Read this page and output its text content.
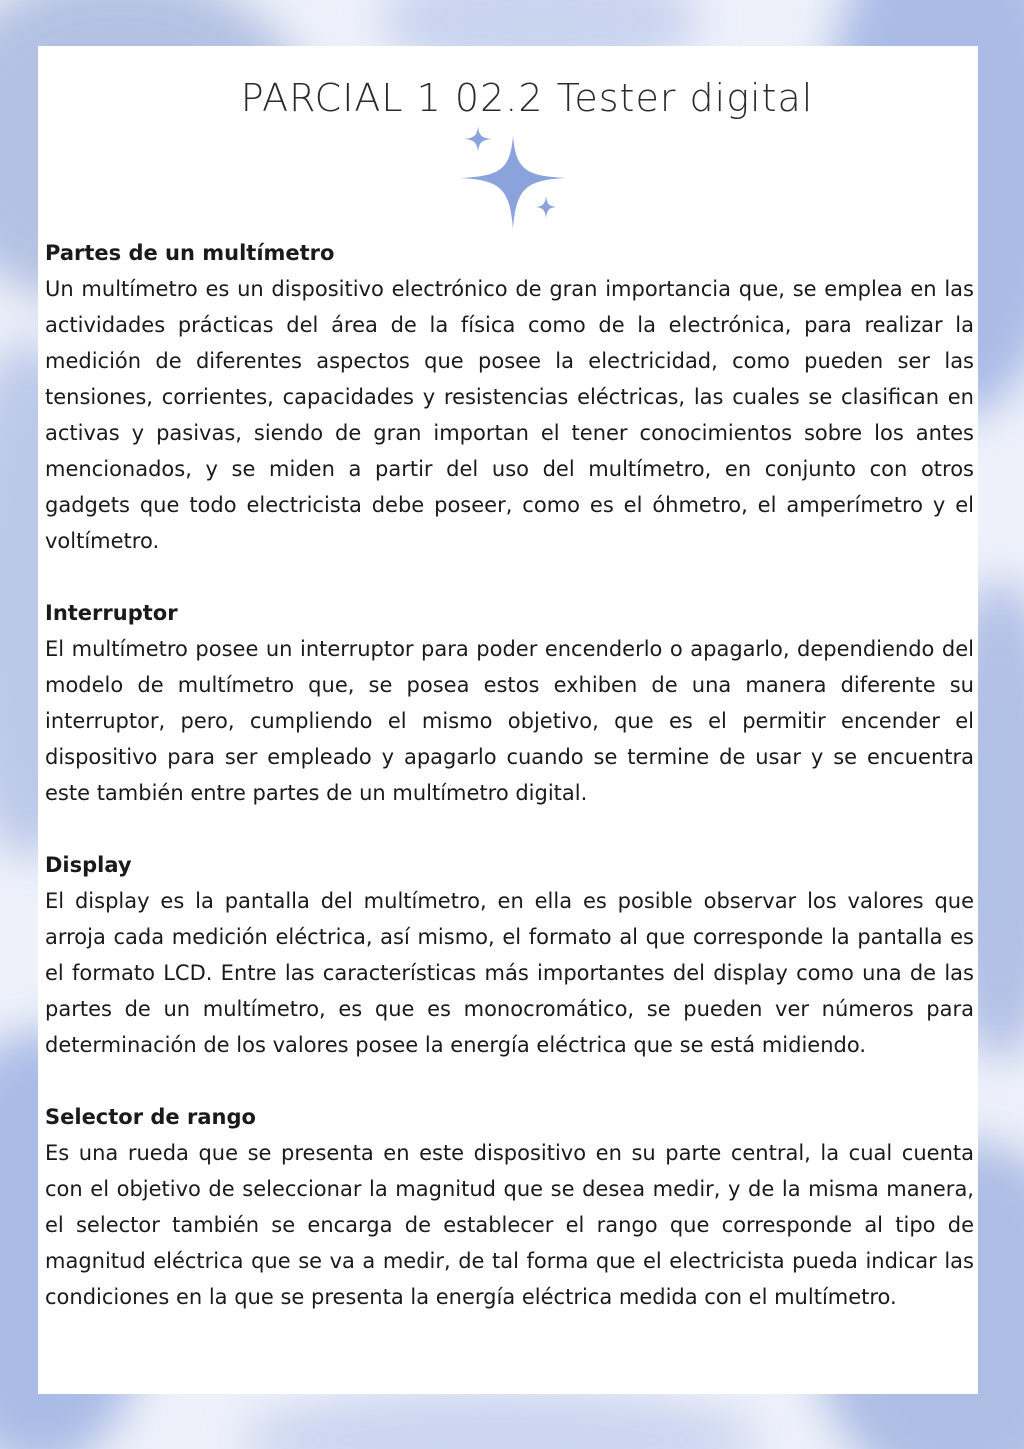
PARCIAL 1 02.2 Tester digital
Partes de un multímetro

Un multímetro es un dispositivo electrónico de gran importancia que, se emplea en las actividades prácticas del área de la física como de la electrónica, para realizar la medición de diferentes aspectos que posee la electricidad, como pueden ser las tensiones, corrientes, capacidades y resistencias eléctricas, las cuales se clasifican en activas y pasivas, siendo de gran importan el tener conocimientos sobre los antes mencionados, y se miden a partir del uso del multímetro, en conjunto con otros gadgets que todo electricista debe poseer, como es el óhmetro, el amperímetro y el voltímetro.

Interruptor

El multímetro posee un interruptor para poder encenderlo o apagarlo, dependiendo del modelo de multímetro que, se posea estos exhiben de una manera diferente su interruptor, pero, cumpliendo el mismo objetivo, que es el permitir encender el dispositivo para ser empleado y apagarlo cuando se termine de usar y se encuentra este también entre partes de un multímetro digital.

Display

El display es la pantalla del multímetro, en ella es posible observar los valores que arroja cada medición eléctrica, así mismo, el formato al que corresponde la pantalla es el formato LCD. Entre las características más importantes del display como una de las partes de un multímetro, es que es monocromático, se pueden ver números para determinación de los valores posee la energía eléctrica que se está midiendo.

Selector de rango

Es una rueda que se presenta en este dispositivo en su parte central, la cual cuenta con el objetivo de seleccionar la magnitud que se desea medir, y de la misma manera, el selector también se encarga de establecer el rango que corresponde al tipo de magnitud eléctrica que se va a medir, de tal forma que el electricista pueda indicar las condiciones en la que se presenta la energía eléctrica medida con el multímetro.
